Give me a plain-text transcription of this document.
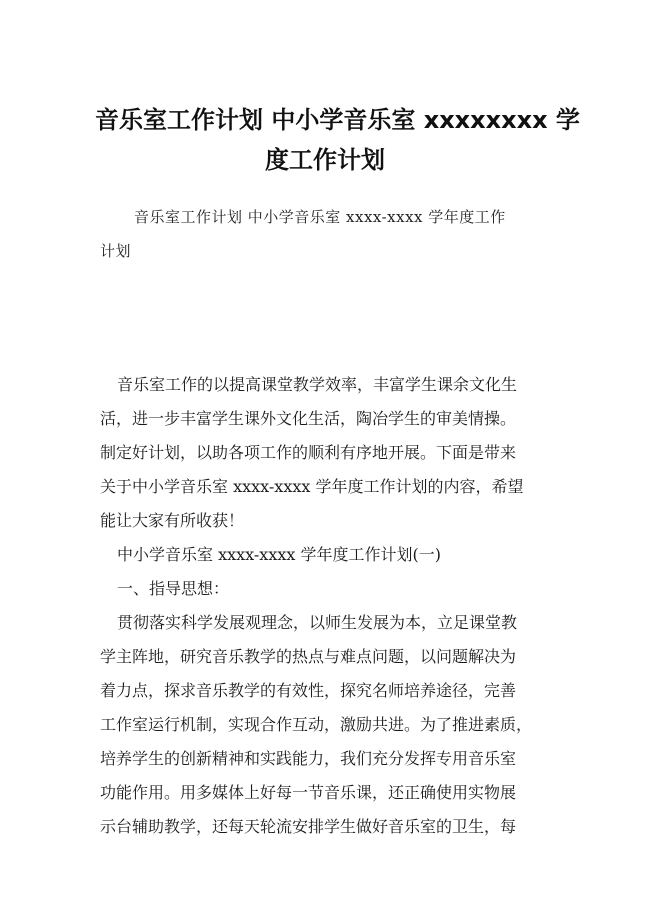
音乐室工作计划 中小学音乐室 xxxxxxxx 学
度工作计划

音乐室工作计划 中小学音乐室 xxxx-xxxx 学年度工作
计划

音乐室工作的以提高课堂教学效率，丰富学生课余文化生
活，进一步丰富学生课外文化生活，陶冶学生的审美情操。
制定好计划，以助各项工作的顺利有序地开展。下面是带来
关于中小学音乐室 xxxx-xxxx 学年度工作计划的内容，希望
能让大家有所收获！
中小学音乐室 xxxx-xxxx 学年度工作计划(一)
一、指导思想：
贯彻落实科学发展观理念，以师生发展为本，立足课堂教
学主阵地，研究音乐教学的热点与难点问题，以问题解决为
着力点，探求音乐教学的有效性，探究名师培养途径，完善
工作室运行机制，实现合作互动，激励共进。为了推进素质，
培养学生的创新精神和实践能力，我们充分发挥专用音乐室
功能作用。用多媒体上好每一节音乐课，还正确使用实物展
示台辅助教学，还每天轮流安排学生做好音乐室的卫生，每
